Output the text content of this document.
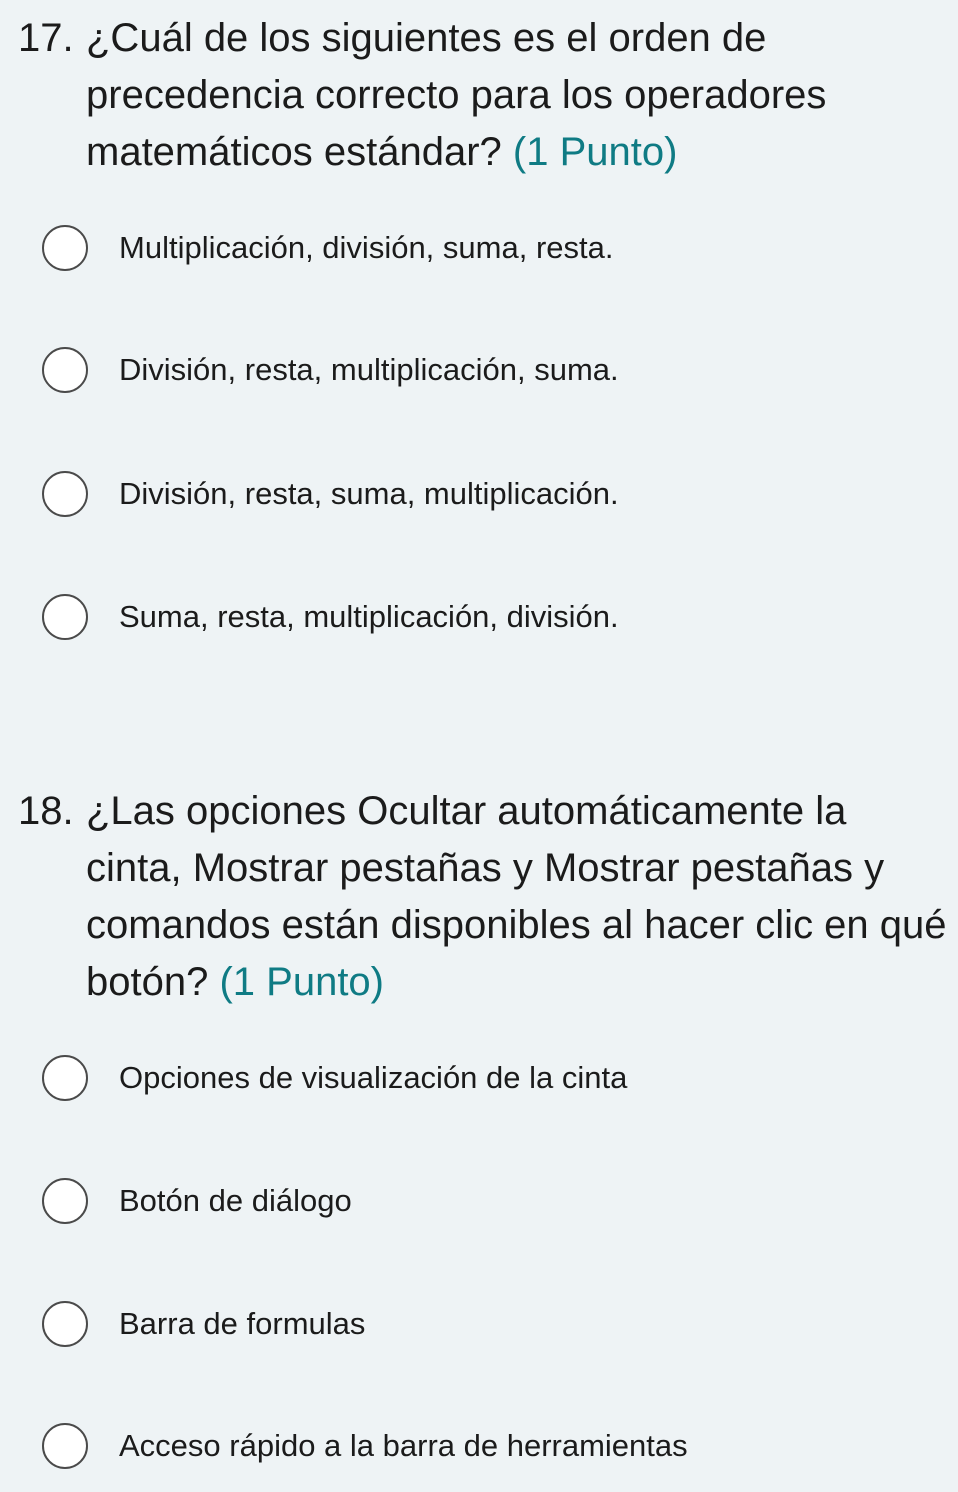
17. ¿Cuál de los siguientes es el orden de precedencia correcto para los operadores matemáticos estándar? (1 Punto)
Multiplicación, división, suma, resta.
División, resta, multiplicación, suma.
División, resta, suma, multiplicación.
Suma, resta, multiplicación, división.
18. ¿Las opciones Ocultar automáticamente la cinta, Mostrar pestañas y Mostrar pestañas y comandos están disponibles al hacer clic en qué botón? (1 Punto)
Opciones de visualización de la cinta
Botón de diálogo
Barra de formulas
Acceso rápido a la barra de herramientas
